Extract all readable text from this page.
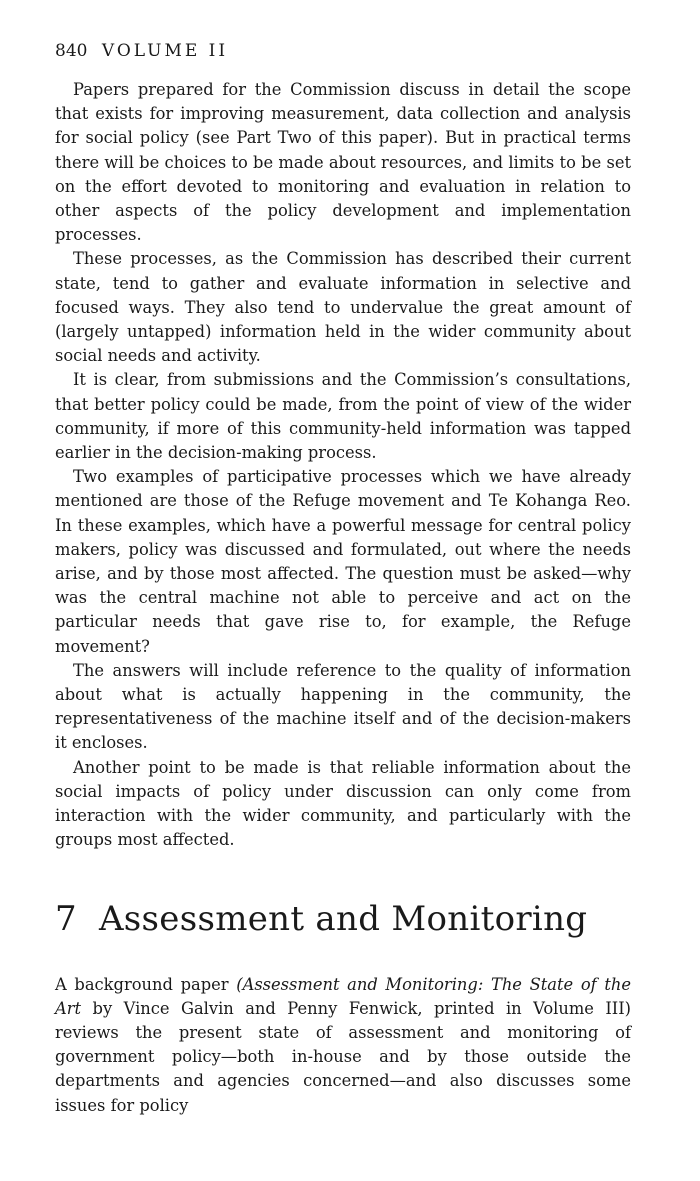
840 VOLUME II

Papers prepared for the Commission discuss in detail the scope that exists for improving measurement, data collection and analysis for social policy (see Part Two of this paper). But in practical terms there will be choices to be made about resources, and limits to be set on the effort devoted to monitoring and evaluation in relation to other aspects of the policy development and implementation processes.

These processes, as the Commission has described their current state, tend to gather and evaluate information in selective and focused ways. They also tend to undervalue the great amount of (largely untapped) information held in the wider community about social needs and activity.

It is clear, from submissions and the Commission’s consultations, that better policy could be made, from the point of view of the wider community, if more of this community-held information was tapped earlier in the decision-making process.

Two examples of participative processes which we have already mentioned are those of the Refuge movement and Te Kohanga Reo. In these examples, which have a powerful message for central policy makers, policy was discussed and formulated, out where the needs arise, and by those most affected. The question must be asked—why was the central machine not able to perceive and act on the particular needs that gave rise to, for example, the Refuge movement?

The answers will include reference to the quality of information about what is actually happening in the community, the representativeness of the machine itself and of the decision-makers it encloses.

Another point to be made is that reliable information about the social impacts of policy under discussion can only come from interaction with the wider community, and particularly with the groups most affected.

7 Assessment and Monitoring

A background paper (Assessment and Monitoring: The State of the Art by Vince Galvin and Penny Fenwick, printed in Volume III) reviews the present state of assessment and monitoring of government policy—both in-house and by those outside the departments and agencies concerned—and also discusses some issues for policy
